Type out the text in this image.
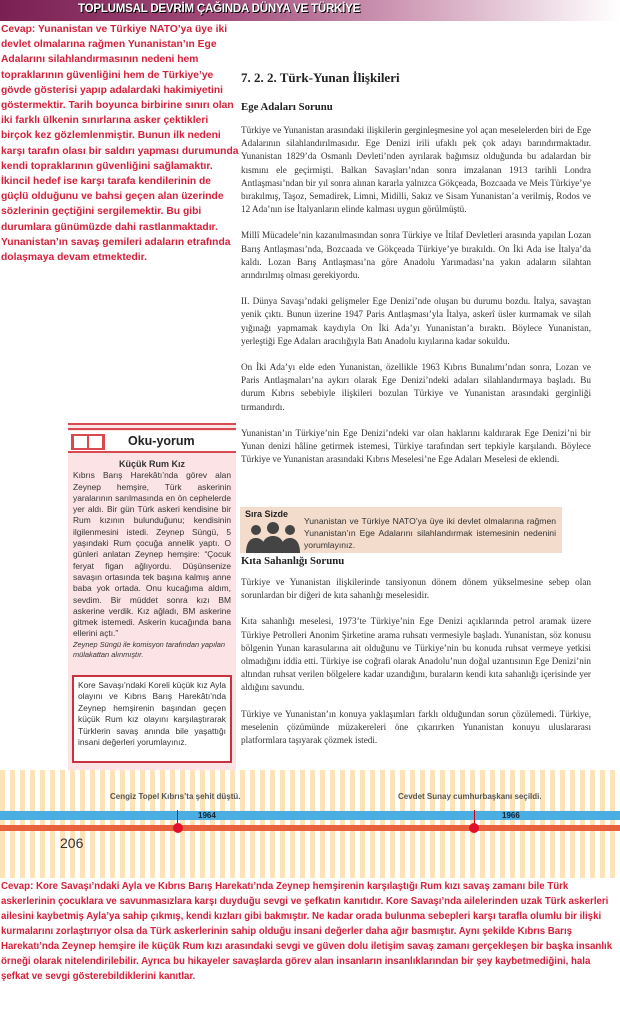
TOPLUMSAL DEVRİM ÇAĞINDA DÜNYA VE TÜRKİYE
Cevap: Yunanistan ve Türkiye NATO’ya üye iki devlet olmalarına rağmen Yunanistan’ın Ege Adalarını silahlandırmasının nedeni hem topraklarının güvenliğini hem de Türkiye’ye gövde gösterisi yapıp adalardaki hakimiyetini göstermektir. Tarih boyunca birbirine sınırı olan iki farklı ülkenin sınırlarına asker çektikleri birçok kez gözlemlenmiştir. Bunun ilk nedeni karşı tarafın olası bir saldırı yapması durumunda kendi topraklarının güvenliğini sağlamaktır. İkincil hedef ise karşı tarafa kendilerinin de güçlü olduğunu ve bahsi geçen alan üzerinde sözlerinin geçtiğini sergilemektir. Bu gibi durumlara günümüzde dahi rastlanmaktadır. Yunanistan’ın savaş gemileri adaların etrafında dolaşmaya devam etmektedir.
7. 2. 2. Türk-Yunan İlişkileri
Ege Adaları Sorunu

Türkiye ve Yunanistan arasındaki ilişkilerin gerginleşmesine yol açan meselelerden biri de Ege Adalarının silahlandırılmasıdır. Ege Denizi irili ufaklı pek çok adayı barındırmaktadır. Yunanistan 1829’da Osmanlı Devleti’nden ayrılarak bağımsız olduğunda bu adalardan bir kısmını ele geçirmişti. Balkan Savaşları’ndan sonra imzalanan 1913 tarihli Londra Antlaşması’ndan bir yıl sonra alınan kararla yalnızca Gökçeada, Bozcaada ve Meis Türkiye’ye bırakılmış, Taşoz, Semadirek, Limni, Midilli, Sakız ve Sisam Yunanistan’a verilmiş, Rodos ve 12 Ada’nın ise İtalyanların elinde kalması uygun görülmüştü.

Millî Mücadele’nin kazanılmasından sonra Türkiye ve İtilaf Devletleri arasında yapılan Lozan Barış Antlaşması’nda, Bozcaada ve Gökçeada Türkiye’ye bırakıldı. On İki Ada ise İtalya’da kaldı. Lozan Barış Antlaşması’na göre Anadolu Yarımadası’na yakın adaların silahtan arındırılmış olması gerekiyordu.

II. Dünya Savaşı’ndaki gelişmeler Ege Denizi’nde oluşan bu durumu bozdu. İtalya, savaştan yenik çıktı. Bunun üzerine 1947 Paris Antlaşması’yla İtalya, askerî üsler kurmamak ve silah yığınağı yapmamak kaydıyla On İki Ada’yı Yunanistan’a bıraktı. Böylece Yunanistan, yerleştiği Ege Adaları aracılığıyla Batı Anadolu kıyılarına kadar sokuldu.

On İki Ada’yı elde eden Yunanistan, özellikle 1963 Kıbrıs Bunalımı’ndan sonra, Lozan ve Paris Antlaşmaları’na aykırı olarak Ege Denizi’ndeki adaları silahlandırmaya başladı. Bu durum Kıbrıs sebebiyle ilişkileri bozulan Türkiye ve Yunanistan arasındaki gerginliği tırmandırdı.

Yunanistan’ın Türkiye’nin Ege Denizi’ndeki var olan haklarını kaldırarak Ege Denizi’ni bir Yunan denizi hâline getirmek istemesi, Türkiye tarafından sert tepkiyle karşılandı. Böylece Türkiye ve Yunanistan arasındaki Kıbrıs Meselesi’ne Ege Adaları Meselesi de eklendi.

Sıra Sizde
Yunanistan ve Türkiye NATO’ya üye iki devlet olmalarına rağmen Yunanistan’ın Ege Adalarını silahlandırmak istemesinin nedenini yorumlayınız.
Kıta Sahanlığı Sorunu

Türkiye ve Yunanistan ilişkilerinde tansiyonun dönem dönem yükselmesine sebep olan sorunlardan bir diğeri de kıta sahanlığı meselesidir.

Kıta sahanlığı meselesi, 1973’te Türkiye’nin Ege Denizi açıklarında petrol aramak üzere Türkiye Petrolleri Anonim Şirketine arama ruhsatı vermesiyle başladı. Yunanistan, söz konusu bölgenin Yunan karasularına ait olduğunu ve Türkiye’nin bu konuda ruhsat vermeye yetkisi olmadığını iddia etti. Türkiye ise coğrafi olarak Anadolu’nun doğal uzantısının Ege Denizi’nin altından ruhsat verilen bölgelere kadar uzandığını, buraların kendi kıta sahanlığı içerisinde yer aldığını savundu.

Türkiye ve Yunanistan’ın konuya yaklaşımları farklı olduğundan sorun çözülemedi. Türkiye, meselenin çözümünde müzakereleri öne çıkarırken Yunanistan konuyu uluslararası platformlara taşıyarak çözmek istedi.

Oku-yorum
Küçük Rum Kız
Kıbrıs Barış Harekâtı’nda görev alan Zeynep hemşire, Türk askerinin yaralarının sarılmasında en ön cephelerde yer aldı. Bir gün Türk askeri kendisine bir Rum kızının bulunduğunu; kendisinin ilgilenmesini istedi. Zeynep Süngü, 5 yaşındaki Rum çocuğa annelik yaptı. O günleri anlatan Zeynep hemşire: “Çocuk feryat figan ağlıyordu. Düşünsenize savaşın ortasında tek başına kalmış anne baba yok ortada. Onu kucağıma aldım, sevdim. Bir müddet sonra kızı BM askerine verdik. Kız ağladı, BM askerine gitmek istemedi. Askerin kucağında bana ellerini açtı.”
Zeynep Süngü ile komisyon tarafından yapılan mülakattan alınmıştır.
Kore Savaşı’ndaki Koreli küçük kız Ayla olayını ve Kıbrıs Barış Harekâtı’nda Zeynep hemşirenin başından geçen küçük Rum kız olayını karşılaştırarak Türklerin savaş anında bile yaşattığı insani değerleri yorumlayınız.
Cengiz Topel Kıbrıs’ta şehit düştü.	Cevdet Sunay cumhurbaşkanı seçildi.
1964	1966
206
Cevap: Kore Savaşı’ndaki Ayla ve Kıbrıs Barış Harekatı’nda Zeynep hemşirenin karşılaştığı Rum kızı savaş zamanı bile Türk askerlerinin çocuklara ve savunmasızlara karşı duyduğu sevgi ve şefkatın kanıtıdır. Kore Savaşı’nda ailelerinden uzak Türk askerleri ailesini kaybetmiş Ayla’ya sahip çıkmış, kendi kızları gibi bakmıştır. Ne kadar orada bulunma sebepleri karşı tarafla olumlu bir ilişki kurmalarını zorlaştırıyor olsa da Türk askerlerinin sahip olduğu insani değerler daha ağır basmıştır. Aynı şekilde Kıbrıs Barış Harekatı’nda Zeynep hemşire ile küçük Rum kızı arasındaki sevgi ve güven dolu iletişim savaş zamanı gerçekleşen bir başka insanlık örneği olarak nitelendirilebilir. Ayrıca bu hikayeler savaşlarda görev alan insanların insanlıklarından bir şey kaybetmediğini, hala şefkat ve sevgi gösterebildiklerini kanıtlar.
